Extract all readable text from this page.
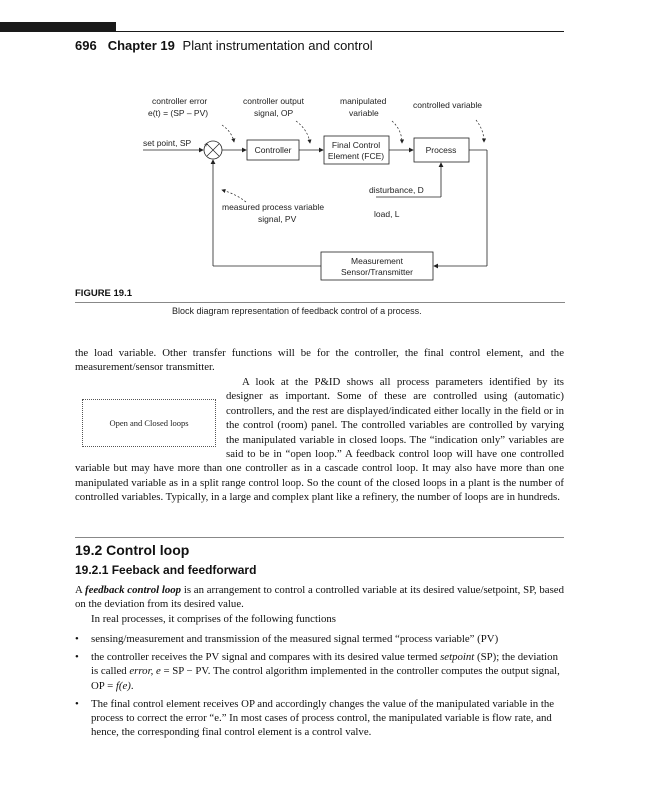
696 Chapter 19 Plant instrumentation and control
controller error
e(t) = (SP – PV)
controller output
signal, OP
manipulated
variable
controlled variable
set point, SP +	Controller	Final Control
Element (FCE)
Process
disturbance, D
load, L
Measurement
Sensor/Transmitter
measured process variable
signal, PV
FIGURE 19.1
Block diagram representation of feedback control of a process.

the load variable. Other transfer functions will be for the controller, the final control element, and the measurement/sensor transmitter.

Open and Closed loops
A look at the P&ID shows all process parameters identified by its designer as important. Some of these are controlled using (automatic) controllers, and the rest are displayed/indicated either locally in the field or in the control (room) panel. The controlled variables are controlled by varying the manipulated variable in closed loops. The “indication only” variables are said to be in “open loop.” A feedback control loop will have one controlled variable but may have more than one controller as in a cascade control loop. It may also have more than one manipulated variable as in a split range control loop. So the count of the closed loops in a plant is the number of controlled variables. Typically, in a large and complex plant like a refinery, the number of loops are in hundreds.
19.2 Control loop
19.2.1 Feeback and feedforward

A feedback control loop is an arrangement to control a controlled variable at its desired value/setpoint, SP, based on the deviation from its desired value.

In real processes, it comprises of the following functions

• sensing/measurement and transmission of the measured signal termed “process variable” (PV)
• the controller receives the PV signal and compares with its desired value termed setpoint (SP); the deviation is called error, e = SP − PV. The control algorithm implemented in the controller computes the output signal, OP = f(e).
• The final control element receives OP and accordingly changes the value of the manipulated variable in the process to correct the error “e.” In most cases of process control, the manipulated variable is flow rate, and hence, the corresponding final control element is a control valve.
